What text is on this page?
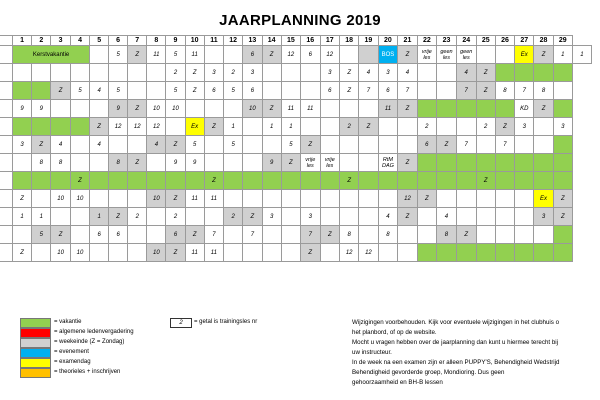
JAARPLANNING 2019
	1	2	3	4	5	6	7	8	9	10	11	12	13	14	15	16	17	18	19	20	21	22	23	24	25	26	27	28	29	
	Kerstvakantie					5	Z	11	5	11			6	Z	12	6	12			BOS	Z	vrije les	geen les	geen les			Ex	Z	1	1
									2	Z	3	2	3				3	Z	4	3	4			4	Z					
			Z	5	4	5			5	Z	6	5	6				6	Z	7	6	7			7	Z	8	7	8		
	9	9				9	Z	10	10				10	Z	11	11				11	Z						KD	Z		
					Z	12	12	12		Ex	Z	1		1	1			2	Z			2			2	Z	3		3	
	3	Z	4		4			4	Z	5		5			5	Z						6	Z	7		7				
		8	8			8	Z		9	9				9	Z	vrije les	vrije les			RtM DAG	Z									
				Z							Z							Z							Z					
	Z		10	10				10	Z	11	11										12	Z						Ex	Z	
	1	1			1	Z	2		2			2	Z	3		3				4	Z		4					3	Z	
		5	Z		6	6			6	Z	7		7			7	Z	8		8			8	Z						
	Z		10	10				10	Z	11	11					Z		12	12											
= vakantie
= algemene ledenvergadering
= weekeinde (Z = Zondag)
= evenement
= examendag
= theorieles + inschrijven
2	= getal is trainingsles nr	Wijzigingen voorbehouden. Kijk voor eventuele wijzigingen in het clubhuis o
het planbord, of op de website.
Mocht u vragen hebben over de jaarplanning dan kunt u hiermee terecht bij
uw instructeur.
In de week na een examen zijn er alleen PUPPY'S, Behendigheid Wedstrijd
Behendigheid gevorderde groep, Mondioring. Dus geen
gehoorzaamheid en BH-B lessen
